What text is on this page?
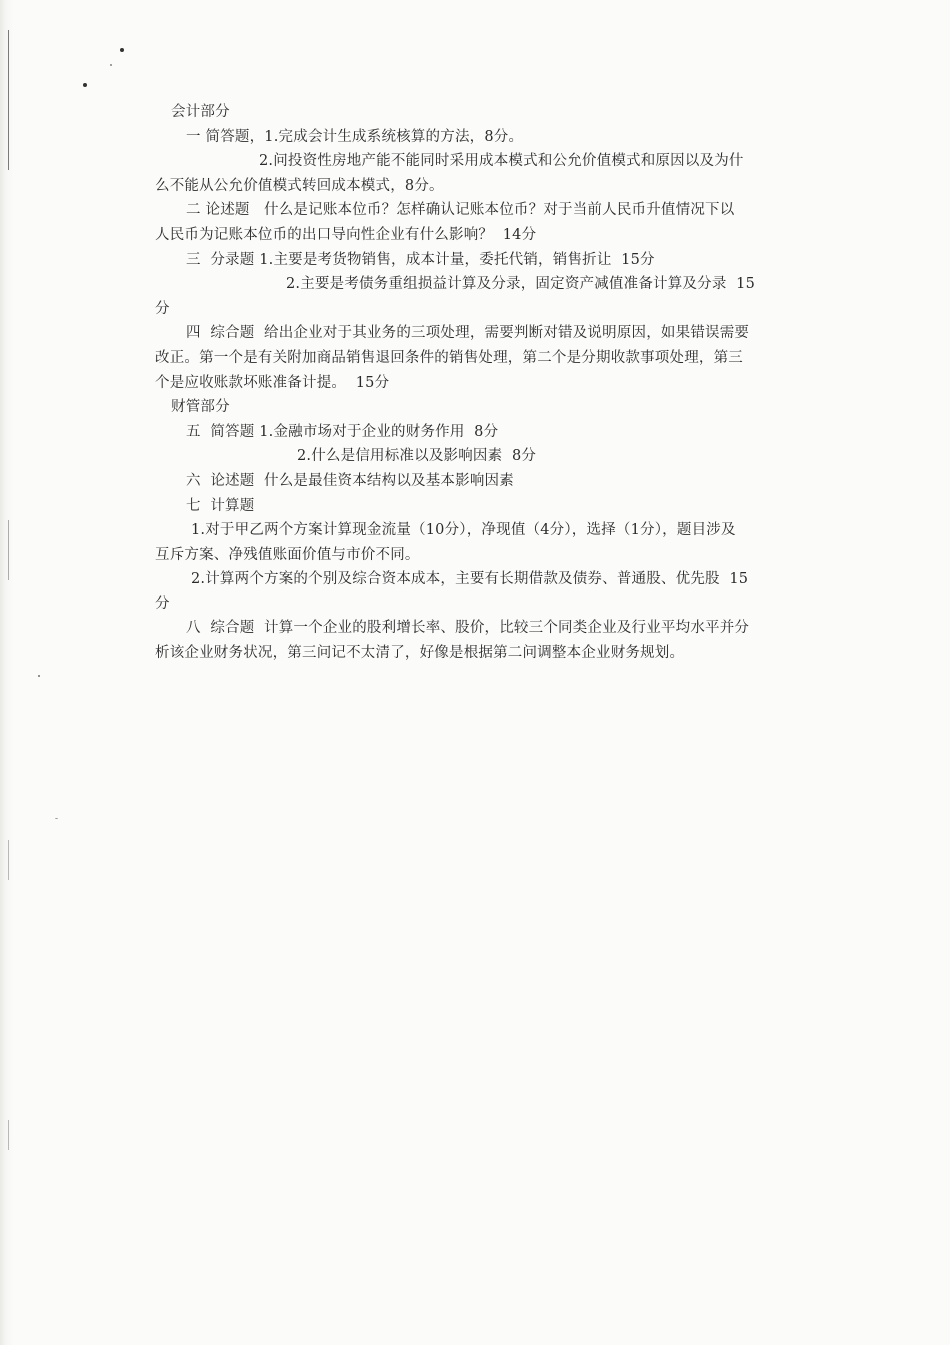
会计部分
一 简答题，1.完成会计生成系统核算的方法，8分。
2.问投资性房地产能不能同时采用成本模式和公允价值模式和原因以及为什
么不能从公允价值模式转回成本模式，8分。
二 论述题   什么是记账本位币？怎样确认记账本位币？对于当前人民币升值情况下以
人民币为记账本位币的出口导向性企业有什么影响？  14分
三  分录题 1.主要是考货物销售，成本计量，委托代销，销售折让  15分
2.主要是考债务重组损益计算及分录，固定资产减值准备计算及分录  15
分
四  综合题  给出企业对于其业务的三项处理，需要判断对错及说明原因，如果错误需要
改正。第一个是有关附加商品销售退回条件的销售处理，第二个是分期收款事项处理，第三
个是应收账款坏账准备计提。  15分
财管部分
五  简答题 1.金融市场对于企业的财务作用  8分
2.什么是信用标准以及影响因素  8分
六  论述题  什么是最佳资本结构以及基本影响因素
七  计算题
1.对于甲乙两个方案计算现金流量（10分），净现值（4分），选择（1分），题目涉及
互斥方案、净残值账面价值与市价不同。
2.计算两个方案的个别及综合资本成本，主要有长期借款及债券、普通股、优先股  15
分
八  综合题  计算一个企业的股利增长率、股价，比较三个同类企业及行业平均水平并分
析该企业财务状况，第三问记不太清了，好像是根据第二问调整本企业财务规划。
